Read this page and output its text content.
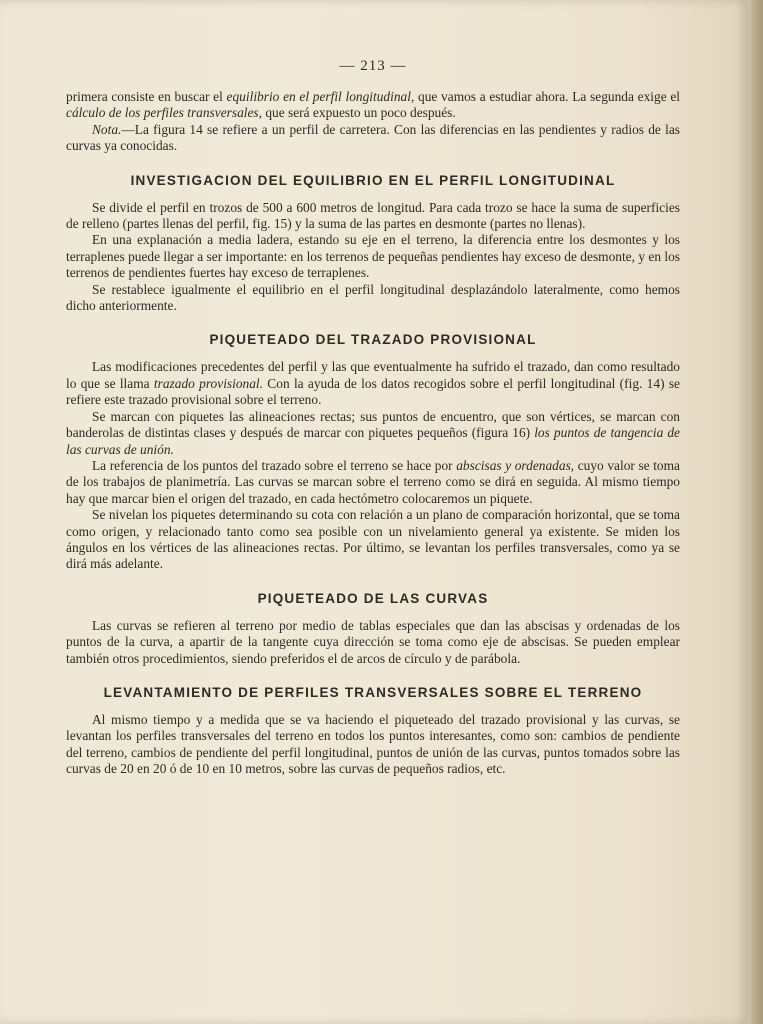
— 213 —

primera consiste en buscar el equilibrio en el perfil longitudinal, que vamos a estudiar ahora. La segunda exige el cálculo de los perfiles transversales, que será expuesto un poco después.

Nota.—La figura 14 se refiere a un perfil de carretera. Con las diferencias en las pendientes y radios de las curvas ya conocidas.

INVESTIGACION DEL EQUILIBRIO EN EL PERFIL LONGITUDINAL

Se divide el perfil en trozos de 500 a 600 metros de longitud. Para cada trozo se hace la suma de superficies de relleno (partes llenas del perfil, fig. 15) y la suma de las partes en desmonte (partes no llenas).

En una explanación a media ladera, estando su eje en el terreno, la diferencia entre los desmontes y los terraplenes puede llegar a ser importante: en los terrenos de pequeñas pendientes hay exceso de desmonte, y en los terrenos de pendientes fuertes hay exceso de terraplenes.

Se restablece igualmente el equilibrio en el perfil longitudinal desplazándolo lateralmente, como hemos dicho anteriormente.

PIQUETEADO DEL TRAZADO PROVISIONAL

Las modificaciones precedentes del perfil y las que eventualmente ha sufrido el trazado, dan como resultado lo que se llama trazado provisional. Con la ayuda de los datos recogidos sobre el perfil longitudinal (fig. 14) se refiere este trazado provisional sobre el terreno.

Se marcan con piquetes las alineaciones rectas; sus puntos de encuentro, que son vértices, se marcan con banderolas de distintas clases y después de marcar con piquetes pequeños (figura 16) los puntos de tangencia de las curvas de unión.

La referencia de los puntos del trazado sobre el terreno se hace por abscisas y ordenadas, cuyo valor se toma de los trabajos de planimetría. Las curvas se marcan sobre el terreno como se dirá en seguida. Al mismo tiempo hay que marcar bien el origen del trazado, en cada hectómetro colocaremos un piquete.

Se nivelan los piquetes determinando su cota con relación a un plano de comparación horizontal, que se toma como origen, y relacionado tanto como sea posible con un nivelamiento general ya existente. Se miden los ángulos en los vértices de las alineaciones rectas. Por último, se levantan los perfiles transversales, como ya se dirá más adelante.

PIQUETEADO DE LAS CURVAS

Las curvas se refieren al terreno por medio de tablas especiales que dan las abscisas y ordenadas de los puntos de la curva, a apartir de la tangente cuya dirección se toma como eje de abscisas. Se pueden emplear también otros procedimientos, siendo preferidos el de arcos de círculo y de parábola.

LEVANTAMIENTO DE PERFILES TRANSVERSALES SOBRE EL TERRENO

Al mismo tiempo y a medida que se va haciendo el piqueteado del trazado provisional y las curvas, se levantan los perfiles transversales del terreno en todos los puntos interesantes, como son: cambios de pendiente del terreno, cambios de pendiente del perfil longitudinal, puntos de unión de las curvas, puntos tomados sobre las curvas de 20 en 20 ó de 10 en 10 metros, sobre las curvas de pequeños radios, etc.
